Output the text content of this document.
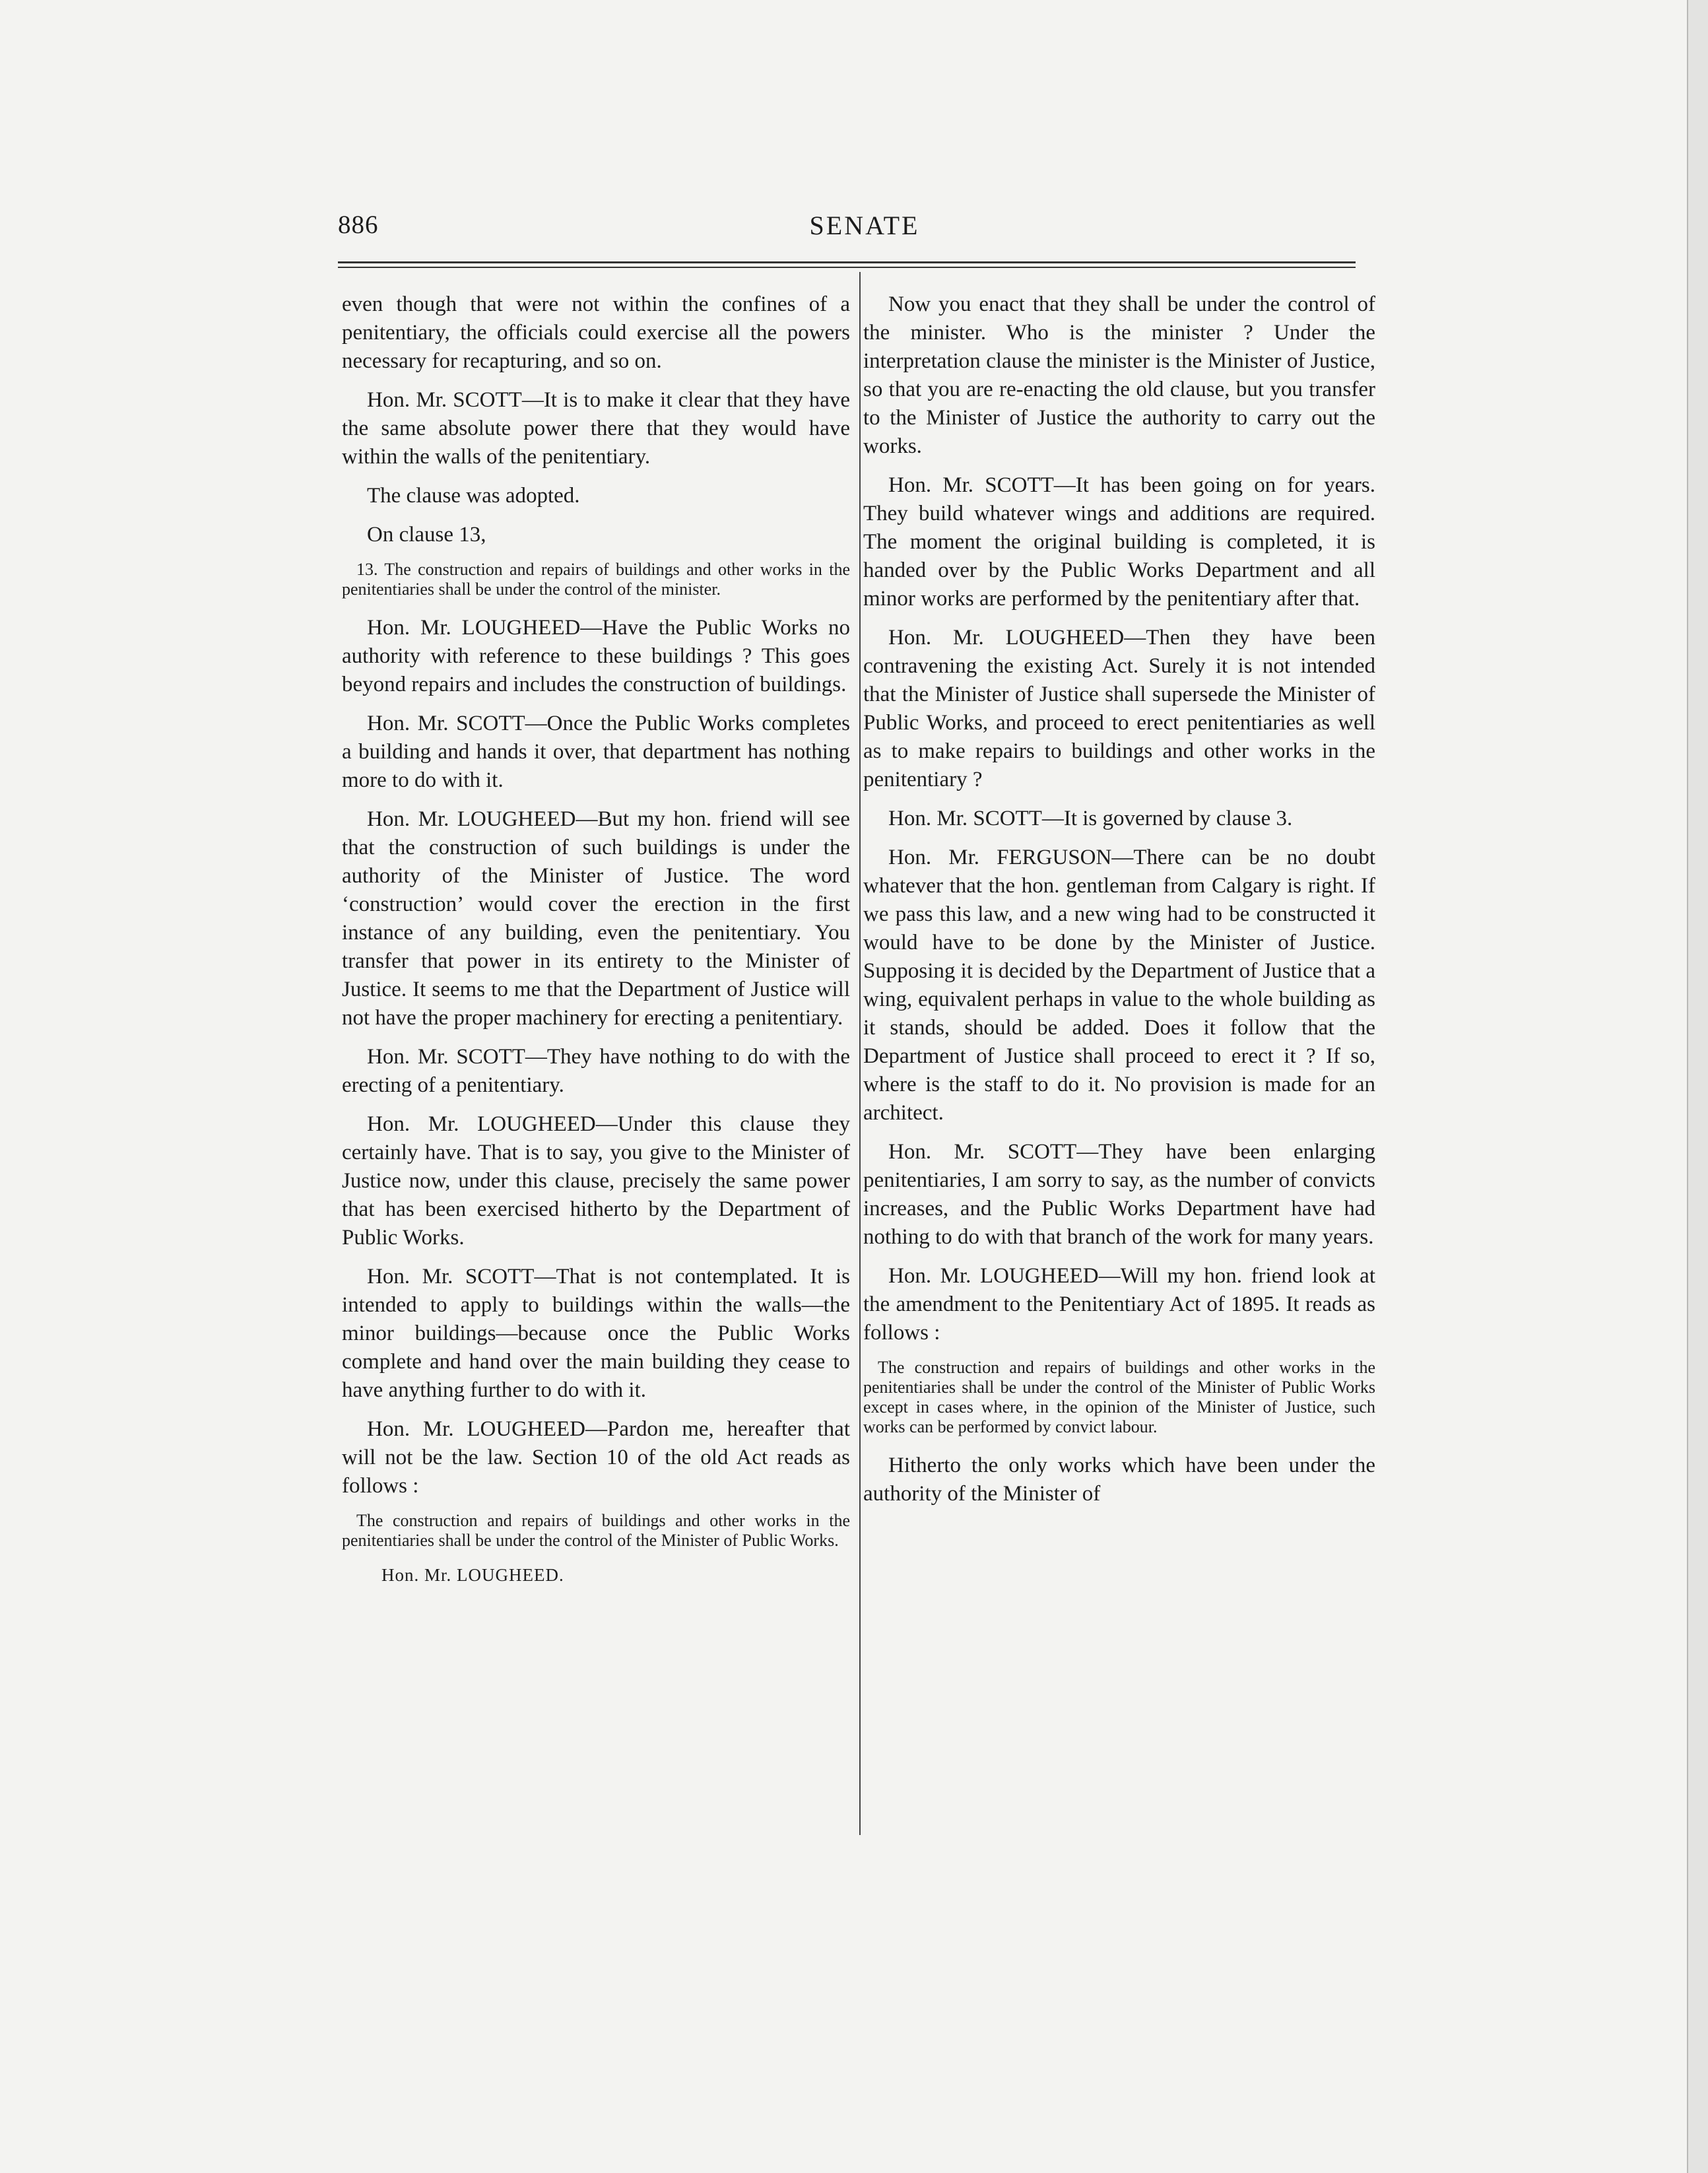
886	SENATE

even though that were not within the confines of a penitentiary, the officials could exercise all the powers necessary for recapturing, and so on.

Hon. Mr. SCOTT—It is to make it clear that they have the same absolute power there that they would have within the walls of the penitentiary.

The clause was adopted.

On clause 13,

13. The construction and repairs of buildings and other works in the penitentiaries shall be under the control of the minister.

Hon. Mr. LOUGHEED—Have the Public Works no authority with reference to these buildings ? This goes beyond repairs and includes the construction of buildings.

Hon. Mr. SCOTT—Once the Public Works completes a building and hands it over, that department has nothing more to do with it.

Hon. Mr. LOUGHEED—But my hon. friend will see that the construction of such buildings is under the authority of the Minister of Justice. The word ‘construction’ would cover the erection in the first instance of any building, even the penitentiary. You transfer that power in its entirety to the Minister of Justice. It seems to me that the Department of Justice will not have the proper machinery for erecting a penitentiary.

Hon. Mr. SCOTT—They have nothing to do with the erecting of a penitentiary.

Hon. Mr. LOUGHEED—Under this clause they certainly have. That is to say, you give to the Minister of Justice now, under this clause, precisely the same power that has been exercised hitherto by the Department of Public Works.

Hon. Mr. SCOTT—That is not contemplated. It is intended to apply to buildings within the walls—the minor buildings—because once the Public Works complete and hand over the main building they cease to have anything further to do with it.

Hon. Mr. LOUGHEED—Pardon me, hereafter that will not be the law. Section 10 of the old Act reads as follows :

The construction and repairs of buildings and other works in the penitentiaries shall be under the control of the Minister of Public Works.

Hon. Mr. LOUGHEED.

Now you enact that they shall be under the control of the minister. Who is the minister ? Under the interpretation clause the minister is the Minister of Justice, so that you are re-enacting the old clause, but you transfer to the Minister of Justice the authority to carry out the works.

Hon. Mr. SCOTT—It has been going on for years. They build whatever wings and additions are required. The moment the original building is completed, it is handed over by the Public Works Department and all minor works are performed by the penitentiary after that.

Hon. Mr. LOUGHEED—Then they have been contravening the existing Act. Surely it is not intended that the Minister of Justice shall supersede the Minister of Public Works, and proceed to erect penitentiaries as well as to make repairs to buildings and other works in the penitentiary ?

Hon. Mr. SCOTT—It is governed by clause 3.

Hon. Mr. FERGUSON—There can be no doubt whatever that the hon. gentleman from Calgary is right. If we pass this law, and a new wing had to be constructed it would have to be done by the Minister of Justice. Supposing it is decided by the Department of Justice that a wing, equivalent perhaps in value to the whole building as it stands, should be added. Does it follow that the Department of Justice shall proceed to erect it ? If so, where is the staff to do it. No provision is made for an architect.

Hon. Mr. SCOTT—They have been enlarging penitentiaries, I am sorry to say, as the number of convicts increases, and the Public Works Department have had nothing to do with that branch of the work for many years.

Hon. Mr. LOUGHEED—Will my hon. friend look at the amendment to the Penitentiary Act of 1895. It reads as follows :

The construction and repairs of buildings and other works in the penitentiaries shall be under the control of the Minister of Public Works except in cases where, in the opinion of the Minister of Justice, such works can be performed by convict labour.

Hitherto the only works which have been under the authority of the Minister of
